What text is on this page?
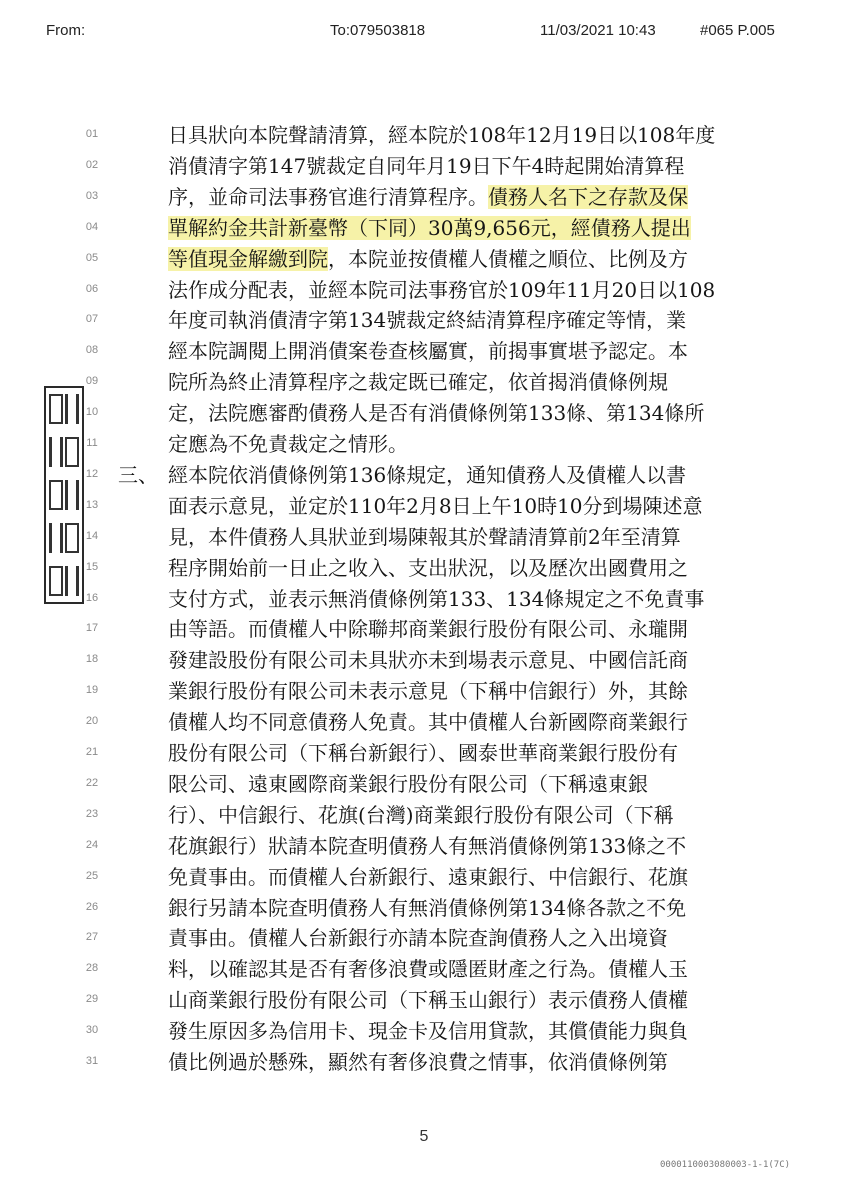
From:	To:079503818	11/03/2021 10:43	#065 P.005
01	日具狀向本院聲請清算，經本院於108年12月19日以108年度
02	消債清字第147號裁定自同年月19日下午4時起開始清算程
03	序，並命司法事務官進行清算程序。債務人名下之存款及保
04	單解約金共計新臺幣（下同）30萬9,656元，經債務人提出
05	等值現金解繳到院，本院並按債權人債權之順位、比例及方
06	法作成分配表，並經本院司法事務官於109年11月20日以108
07	年度司執消債清字第134號裁定終結清算程序確定等情，業
08	經本院調閱上開消債案卷查核屬實，前揭事實堪予認定。本
09	院所為終止清算程序之裁定既已確定，依首揭消債條例規
10	定，法院應審酌債務人是否有消債條例第133條、第134條所
11	定應為不免責裁定之情形。
12 三、 經本院依消債條例第136條規定，通知債務人及債權人以書
13	面表示意見，並定於110年2月8日上午10時10分到場陳述意
14	見，本件債務人具狀並到場陳報其於聲請清算前2年至清算
15	程序開始前一日止之收入、支出狀況，以及歷次出國費用之
16	支付方式，並表示無消債條例第133、134條規定之不免責事
17	由等語。而債權人中除聯邦商業銀行股份有限公司、永瓏開
18	發建設股份有限公司未具狀亦未到場表示意見、中國信託商
19	業銀行股份有限公司未表示意見（下稱中信銀行）外，其餘
20	債權人均不同意債務人免責。其中債權人台新國際商業銀行
21	股份有限公司（下稱台新銀行）、國泰世華商業銀行股份有
22	限公司、遠東國際商業銀行股份有限公司（下稱遠東銀
23	行）、中信銀行、花旗(台灣)商業銀行股份有限公司（下稱
24	花旗銀行）狀請本院查明債務人有無消債條例第133條之不
25	免責事由。而債權人台新銀行、遠東銀行、中信銀行、花旗
26	銀行另請本院查明債務人有無消債條例第134條各款之不免
27	責事由。債權人台新銀行亦請本院查詢債務人之入出境資
28	料，以確認其是否有奢侈浪費或隱匿財產之行為。債權人玉
29	山商業銀行股份有限公司（下稱玉山銀行）表示債務人債權
30	發生原因多為信用卡、現金卡及信用貸款，其償債能力與負
31	債比例過於懸殊，顯然有奢侈浪費之情事，依消債條例第
5
0000110003080003-1-1(7C)
